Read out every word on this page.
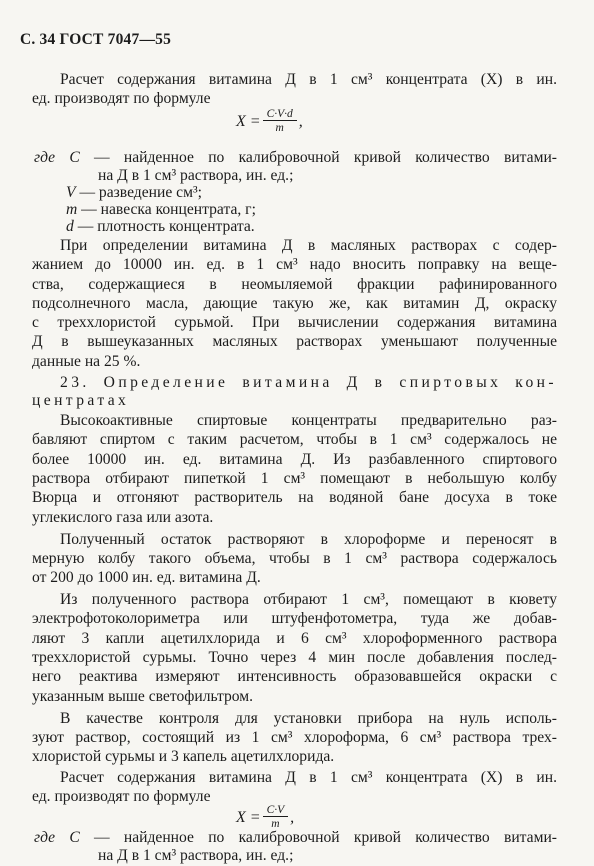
С. 34 ГОСТ 7047—55
Расчет содержания витамина Д в 1 см³ концентрата (X) в ин.
ед. производят по формуле
$X = \frac{C\cdot V\cdot d}{m}$ ,
где C — найденное по калибровочной кривой количество витами-
на Д в 1 см³ раствора, ин. ед.;
V — разведение см³;
m — навеска концентрата, г;
d — плотность концентрата.
При определении витамина Д в масляных растворах с содер-
жанием до 10000 ин. ед. в 1 см³ надо вносить поправку на веще-
ства, содержащиеся в неомыляемой фракции рафинированного
подсолнечного масла, дающие такую же, как витамин Д, окраску
с треххлористой сурьмой. При вычислении содержания витамина
Д в вышеуказанных масляных растворах уменьшают полученные
данные на 25 %.
23. Определение витамина Д в спиртовых кон-
центратах
Высокоактивные спиртовые концентраты предварительно раз-
бавляют спиртом с таким расчетом, чтобы в 1 см³ содержалось не
более 10000 ин. ед. витамина Д. Из разбавленного спиртового
раствора отбирают пипеткой 1 см³ помещают в небольшую колбу
Вюрца и отгоняют растворитель на водяной бане досуха в токе
углекислого газа или азота.
Полученный остаток растворяют в хлороформе и переносят в
мерную колбу такого объема, чтобы в 1 см³ раствора содержалось
от 200 до 1000 ин. ед. витамина Д.
Из полученного раствора отбирают 1 см³, помещают в кювету
электрофотоколориметра или штуфенфотометра, туда же добав-
ляют 3 капли ацетилхлорида и 6 см³ хлороформенного раствора
треххлористой сурьмы. Точно через 4 мин после добавления послед-
него реактива измеряют интенсивность образовавшейся окраски с
указанным выше светофильтром.
В качестве контроля для установки прибора на нуль исполь-
зуют раствор, состоящий из 1 см³ хлороформа, 6 см³ раствора трех-
хлористой сурьмы и 3 капель ацетилхлорида.
Расчет содержания витамина Д в 1 см³ концентрата (X) в ин.
ед. производят по формуле
$X = \frac{C\cdot V}{m}$ ,
где C — найденное по калибровочной кривой количество витами-
на Д в 1 см³ раствора, ин. ед.;
